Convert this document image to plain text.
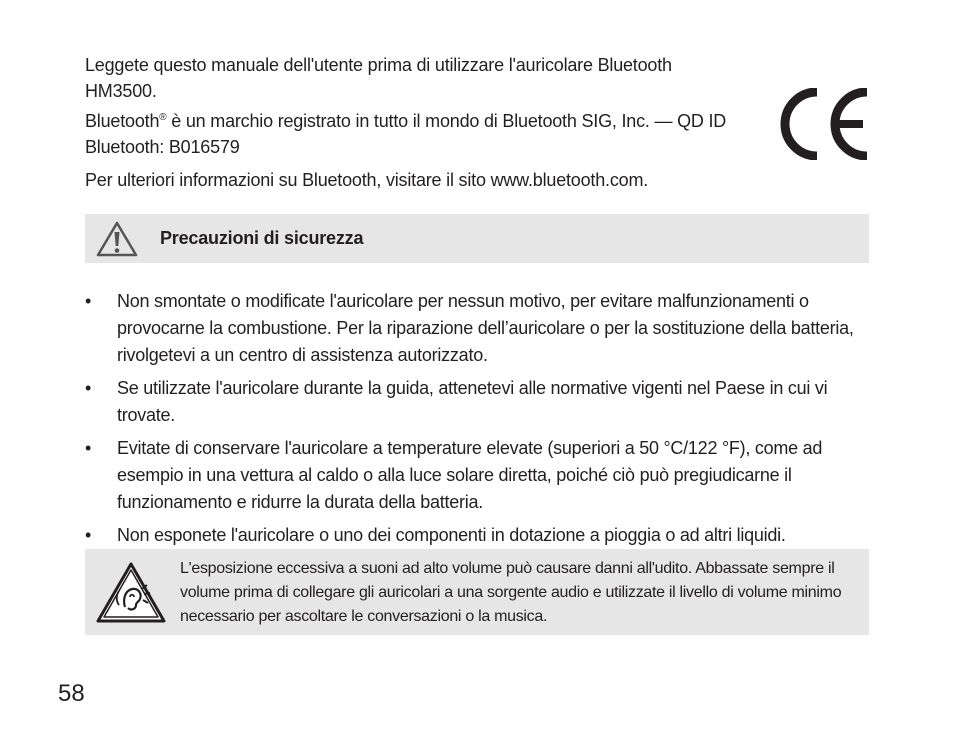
Leggete questo manuale dell'utente prima di utilizzare l'auricolare Bluetooth HM3500.

Bluetooth® è un marchio registrato in tutto il mondo di Bluetooth SIG, Inc. — QD ID Bluetooth: B016579

Per ulteriori informazioni su Bluetooth, visitare il sito www.bluetooth.com.

Precauzioni di sicurezza
• Non smontate o modificate l'auricolare per nessun motivo, per evitare malfunzionamenti o provocarne la combustione. Per la riparazione dell’auricolare o per la sostituzione della batteria, rivolgetevi a un centro di assistenza autorizzato.
• Se utilizzate l'auricolare durante la guida, attenetevi alle normative vigenti nel Paese in cui vi trovate.
• Evitate di conservare l'auricolare a temperature elevate (superiori a 50 °C/122 °F), come ad esempio in una vettura al caldo o alla luce solare diretta, poiché ciò può pregiudicarne il funzionamento e ridurre la durata della batteria.
• Non esponete l'auricolare o uno dei componenti in dotazione a pioggia o ad altri liquidi.
L'esposizione eccessiva a suoni ad alto volume può causare danni all'udito. Abbassate sempre il volume prima di collegare gli auricolari a una sorgente audio e utilizzate il livello di volume minimo necessario per ascoltare le conversazioni o la musica.
58
